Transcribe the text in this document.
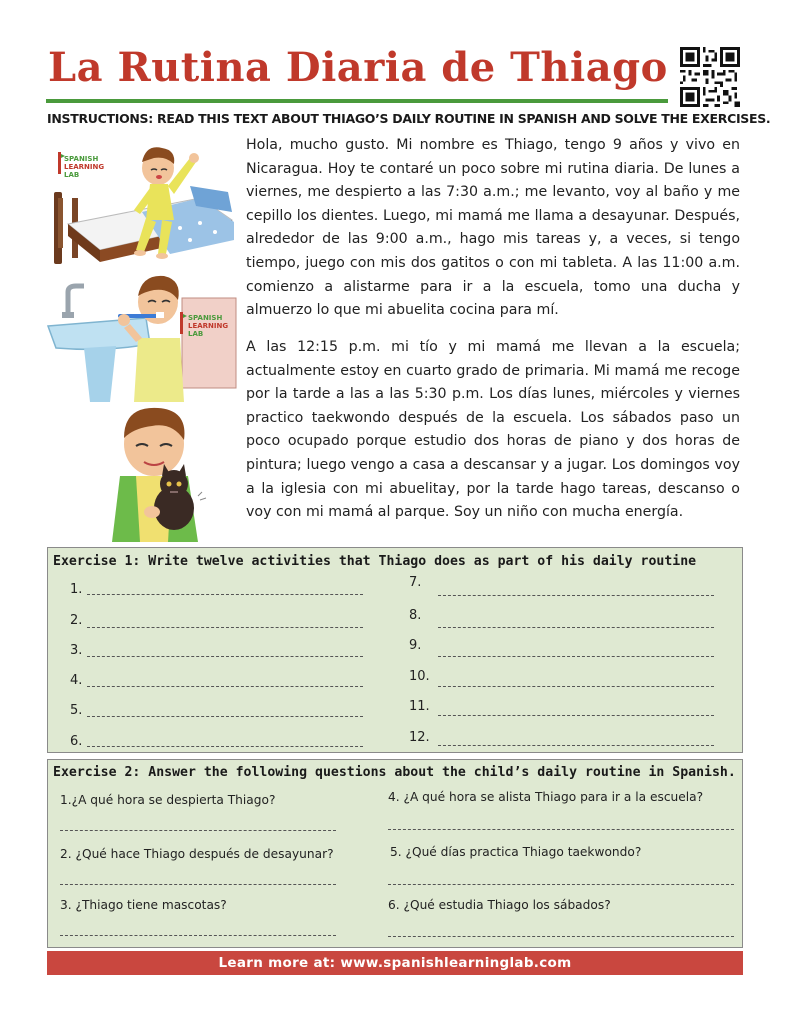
La Rutina Diaria de Thiago
INSTRUCTIONS: READ THIS TEXT ABOUT THIAGO’S DAILY ROUTINE IN SPANISH AND SOLVE THE EXERCISES.
SPANISH
LEARNING
LAB
SPANISH
LEARNING
LAB
Hola, mucho gusto. Mi nombre es Thiago, tengo 9 años y vivo en Nicaragua. Hoy te contaré un poco sobre mi rutina diaria. De lunes a viernes, me despierto a las 7:30 a.m.; me levanto, voy al baño y me cepillo los dientes. Luego, mi mamá me llama a desayunar. Después, alrededor de las 9:00 a.m., hago mis tareas y, a veces, si tengo tiempo, juego con mis dos gatitos o con mi tableta. A las 11:00 a.m. comienzo a alistarme para ir a la escuela, tomo una ducha y almuerzo lo que mi abuelita cocina para mí.
A las 12:15 p.m. mi tío y mi mamá me llevan a la escuela; actualmente estoy en cuarto grado de primaria. Mi mamá me recoge por la tarde a las a las 5:30 p.m. Los días lunes, miércoles y viernes practico taekwondo después de la escuela. Los sábados paso un poco ocupado porque estudio dos horas de piano y dos horas de pintura; luego vengo a casa a descansar y a jugar. Los domingos voy a la iglesia con mi abuelitay, por la tarde hago tareas, descanso o voy con mi mamá al parque. Soy un niño con mucha energía.
Exercise 1: Write twelve activities that Thiago does as part of his daily routine
1.
2.
3.
4.
5.
6.
7.
8.
9.
10.
11.
12.
Exercise 2: Answer the following questions about the child’s daily routine in Spanish.
1.¿A qué hora se despierta Thiago?
2. ¿Qué hace Thiago después de desayunar?
3. ¿Thiago tiene mascotas?
4. ¿A qué hora se alista Thiago para ir a la escuela?
5. ¿Qué días practica Thiago taekwondo?
6. ¿Qué estudia Thiago los sábados?
Learn more at: www.spanishlearninglab.com
